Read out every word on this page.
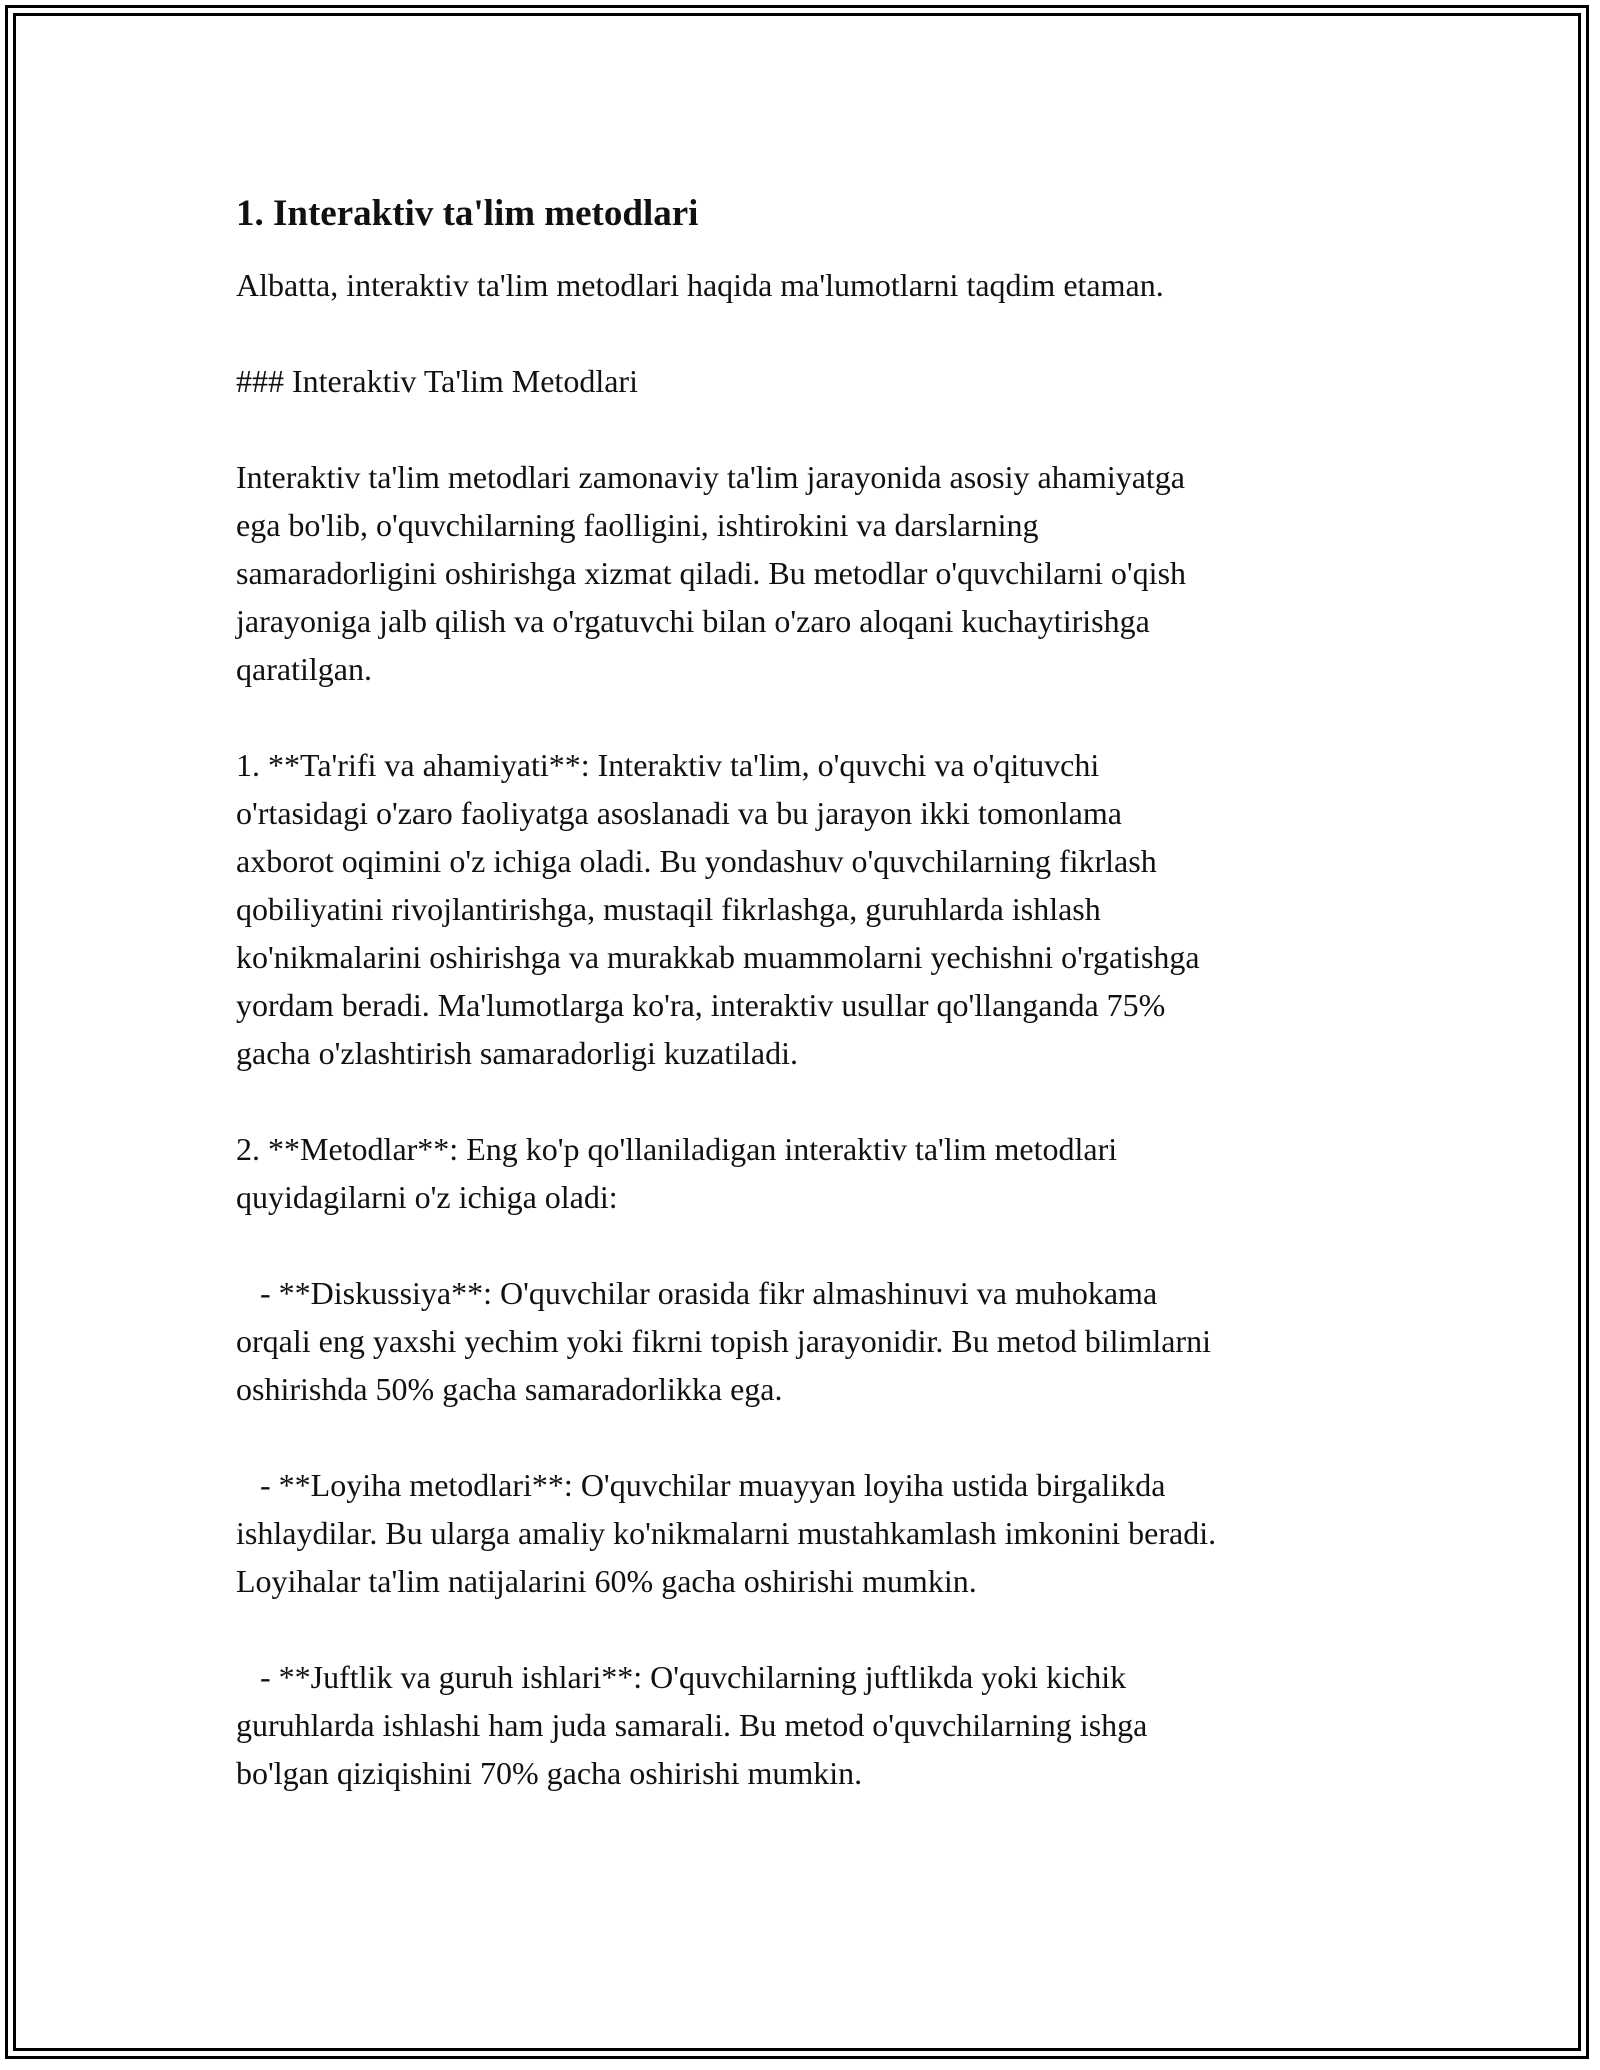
1. Interaktiv ta'lim metodlari

Albatta, interaktiv ta'lim metodlari haqida ma'lumotlarni taqdim etaman.

### Interaktiv Ta'lim Metodlari

Interaktiv ta'lim metodlari zamonaviy ta'lim jarayonida asosiy ahamiyatga
ega bo'lib, o'quvchilarning faolligini, ishtirokini va darslarning
samaradorligini oshirishga xizmat qiladi. Bu metodlar o'quvchilarni o'qish
jarayoniga jalb qilish va o'rgatuvchi bilan o'zaro aloqani kuchaytirishga
qaratilgan.

1. **Ta'rifi va ahamiyati**: Interaktiv ta'lim, o'quvchi va o'qituvchi
o'rtasidagi o'zaro faoliyatga asoslanadi va bu jarayon ikki tomonlama
axborot oqimini o'z ichiga oladi. Bu yondashuv o'quvchilarning fikrlash
qobiliyatini rivojlantirishga, mustaqil fikrlashga, guruhlarda ishlash
ko'nikmalarini oshirishga va murakkab muammolarni yechishni o'rgatishga
yordam beradi. Ma'lumotlarga ko'ra, interaktiv usullar qo'llanganda 75%
gacha o'zlashtirish samaradorligi kuzatiladi.

2. **Metodlar**: Eng ko'p qo'llaniladigan interaktiv ta'lim metodlari
quyidagilarni o'z ichiga oladi:

- **Diskussiya**: O'quvchilar orasida fikr almashinuvi va muhokama
orqali eng yaxshi yechim yoki fikrni topish jarayonidir. Bu metod bilimlarni
oshirishda 50% gacha samaradorlikka ega.

- **Loyiha metodlari**: O'quvchilar muayyan loyiha ustida birgalikda
ishlaydilar. Bu ularga amaliy ko'nikmalarni mustahkamlash imkonini beradi.
Loyihalar ta'lim natijalarini 60% gacha oshirishi mumkin.

- **Juftlik va guruh ishlari**: O'quvchilarning juftlikda yoki kichik
guruhlarda ishlashi ham juda samarali. Bu metod o'quvchilarning ishga
bo'lgan qiziqishini 70% gacha oshirishi mumkin.
